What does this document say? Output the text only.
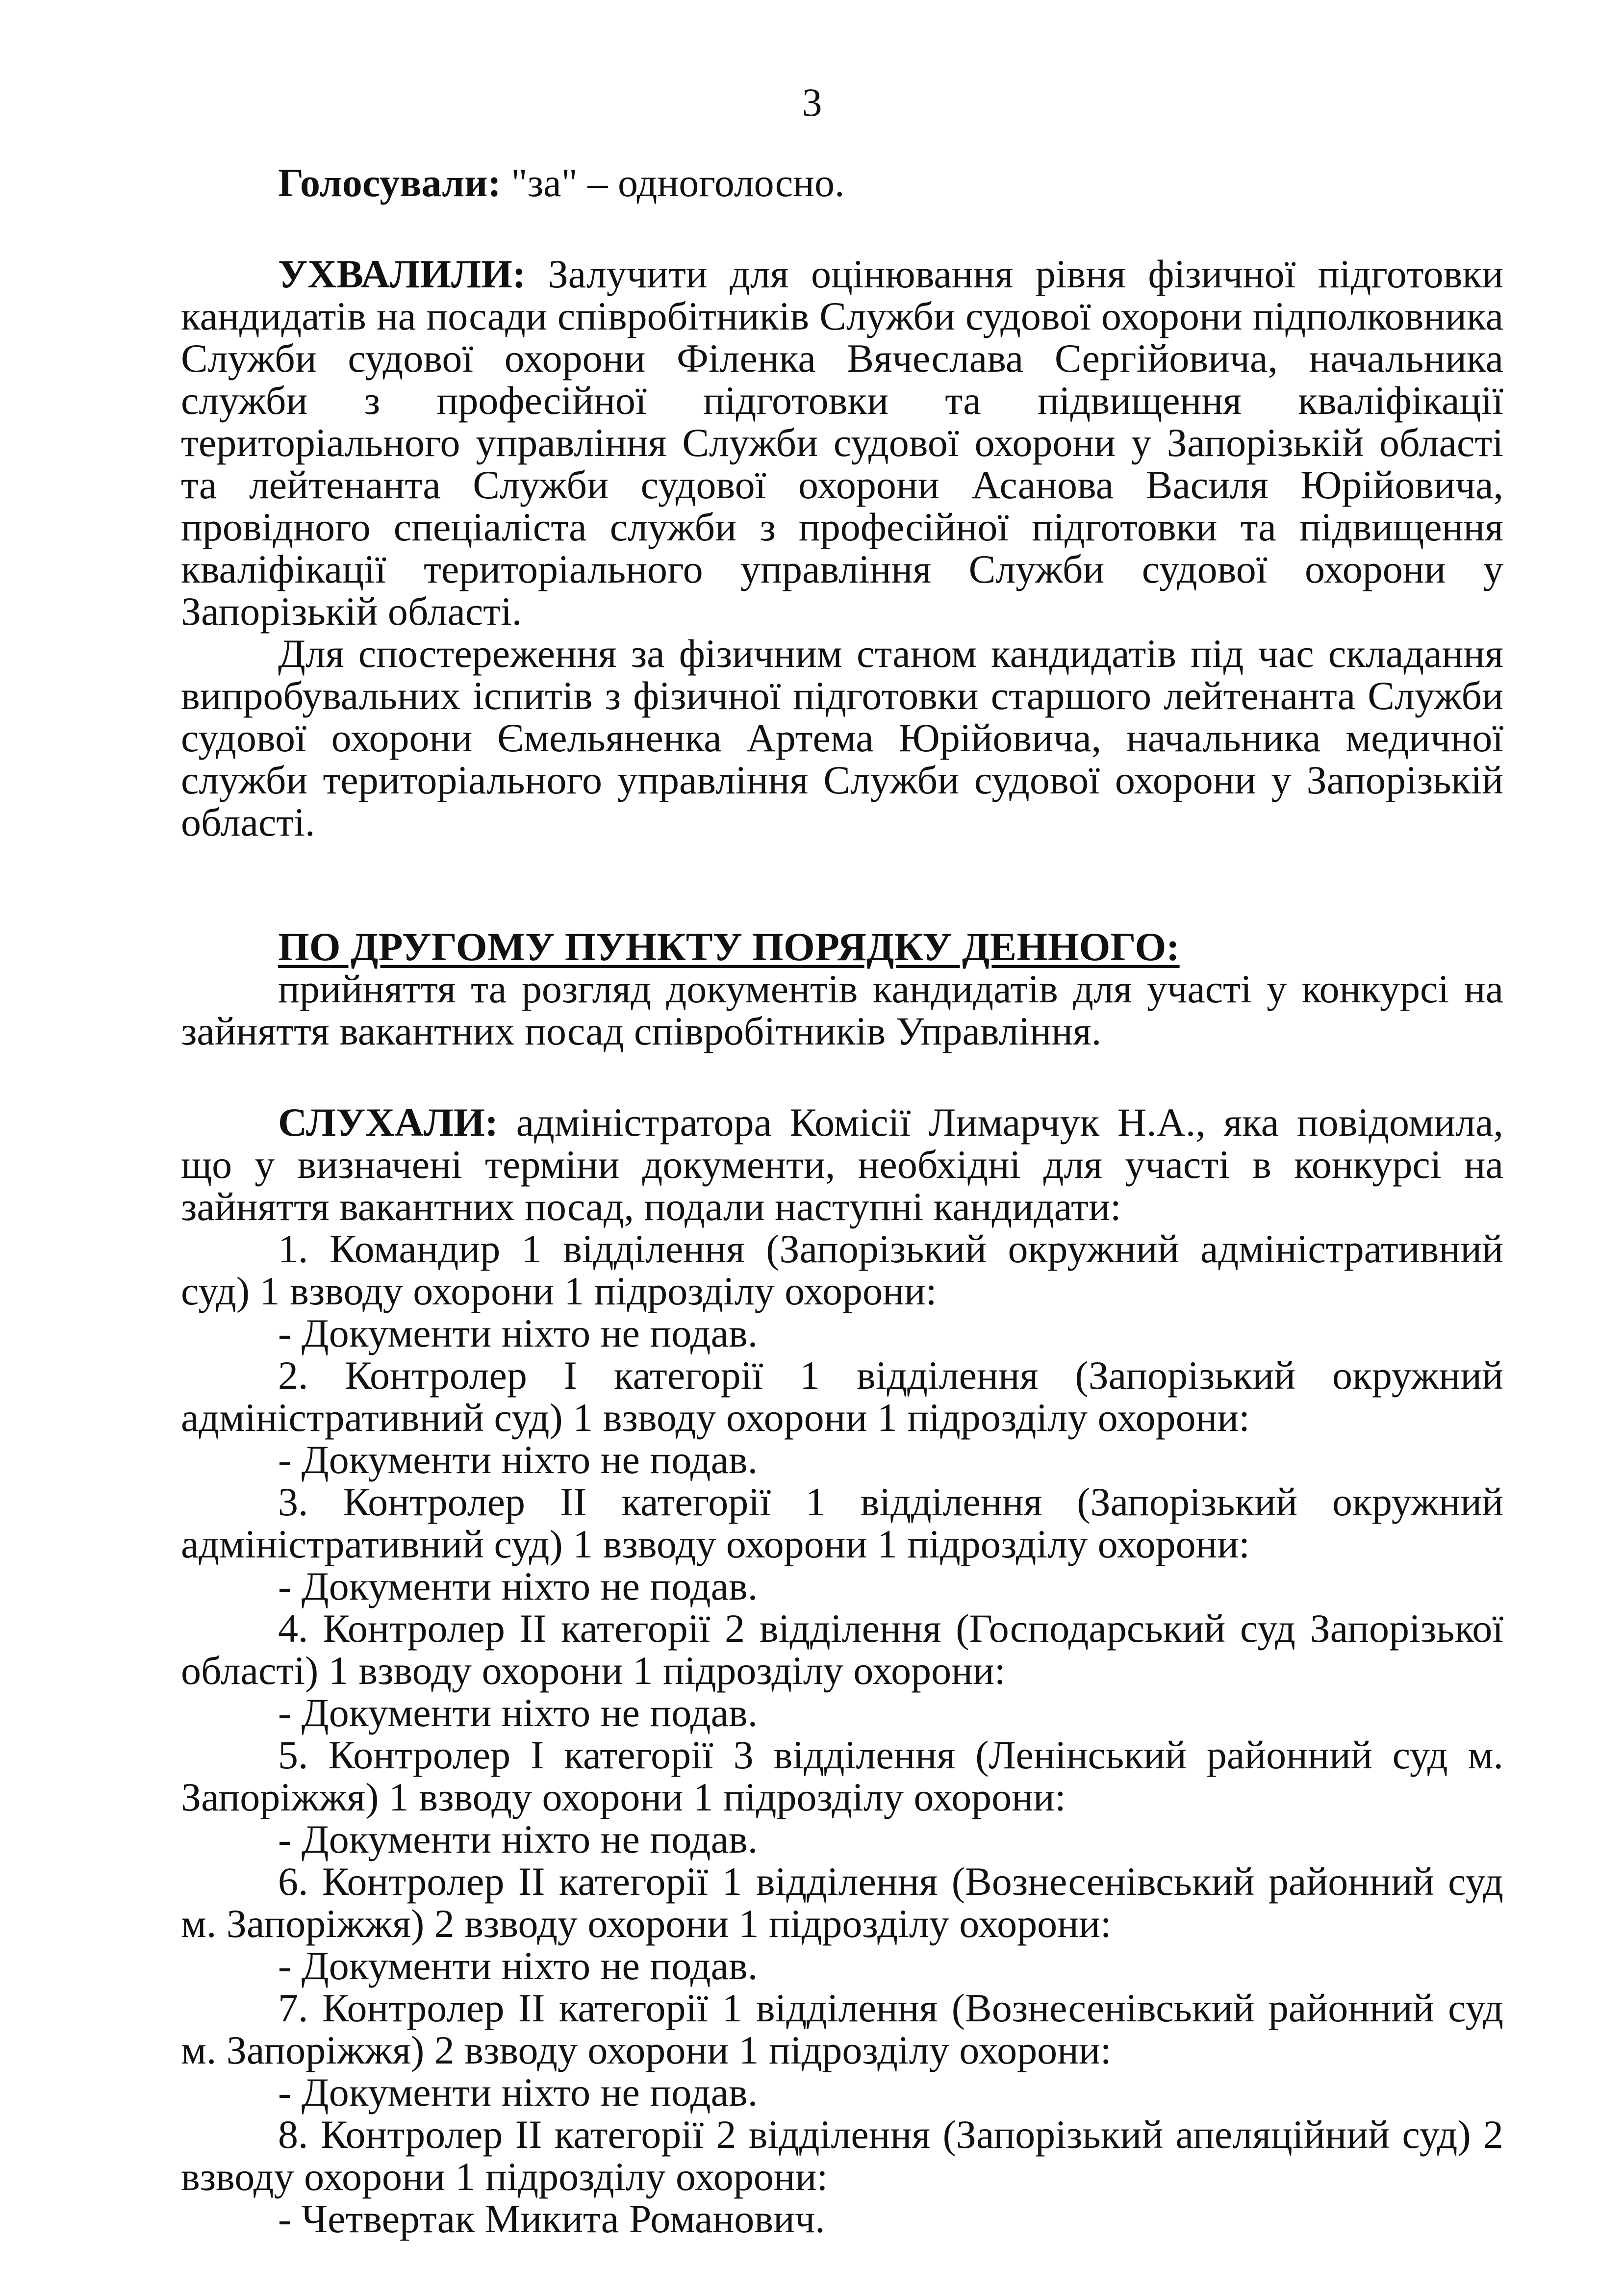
3

Голосували: "за" – одноголосно.

УХВАЛИЛИ: Залучити для оцінювання рівня фізичної підготовки кандидатів на посади співробітників Служби судової охорони підполковника Служби судової охорони Філенка Вячеслава Сергійовича, начальника служби з професійної підготовки та підвищення кваліфікації територіального управління Служби судової охорони у Запорізькій області та лейтенанта Служби судової охорони Асанова Василя Юрійовича, провідного спеціаліста служби з професійної підготовки та підвищення кваліфікації територіального управління Служби судової охорони у Запорізькій області.

Для спостереження за фізичним станом кандидатів під час складання випробувальних іспитів з фізичної підготовки старшого лейтенанта Служби судової охорони Ємельяненка Артема Юрійовича, начальника медичної служби територіального управління Служби судової охорони у Запорізькій області.

ПО ДРУГОМУ ПУНКТУ ПОРЯДКУ ДЕННОГО:

прийняття та розгляд документів кандидатів для участі у конкурсі на зайняття вакантних посад співробітників Управління.

СЛУХАЛИ: адміністратора Комісії Лимарчук Н.А., яка повідомила, що у визначені терміни документи, необхідні для участі в конкурсі на зайняття вакантних посад, подали наступні кандидати:

1. Командир 1 відділення (Запорізький окружний адміністративний суд) 1 взводу охорони 1 підрозділу охорони:

- Документи ніхто не подав.

2. Контролер I категорії 1 відділення (Запорізький окружний адміністративний суд) 1 взводу охорони 1 підрозділу охорони:

- Документи ніхто не подав.

3. Контролер II категорії 1 відділення (Запорізький окружний адміністративний суд) 1 взводу охорони 1 підрозділу охорони:

- Документи ніхто не подав.

4. Контролер II категорії 2 відділення (Господарський суд Запорізької області) 1 взводу охорони 1 підрозділу охорони:

- Документи ніхто не подав.

5. Контролер I категорії 3 відділення (Ленінський районний суд м. Запоріжжя) 1 взводу охорони 1 підрозділу охорони:

- Документи ніхто не подав.

6. Контролер II категорії 1 відділення (Вознесенівський районний суд м. Запоріжжя) 2 взводу охорони 1 підрозділу охорони:

- Документи ніхто не подав.

7. Контролер II категорії 1 відділення (Вознесенівський районний суд м. Запоріжжя) 2 взводу охорони 1 підрозділу охорони:

- Документи ніхто не подав.

8. Контролер II категорії 2 відділення (Запорізький апеляційний суд) 2 взводу охорони 1 підрозділу охорони:

- Четвертак Микита Романович.
